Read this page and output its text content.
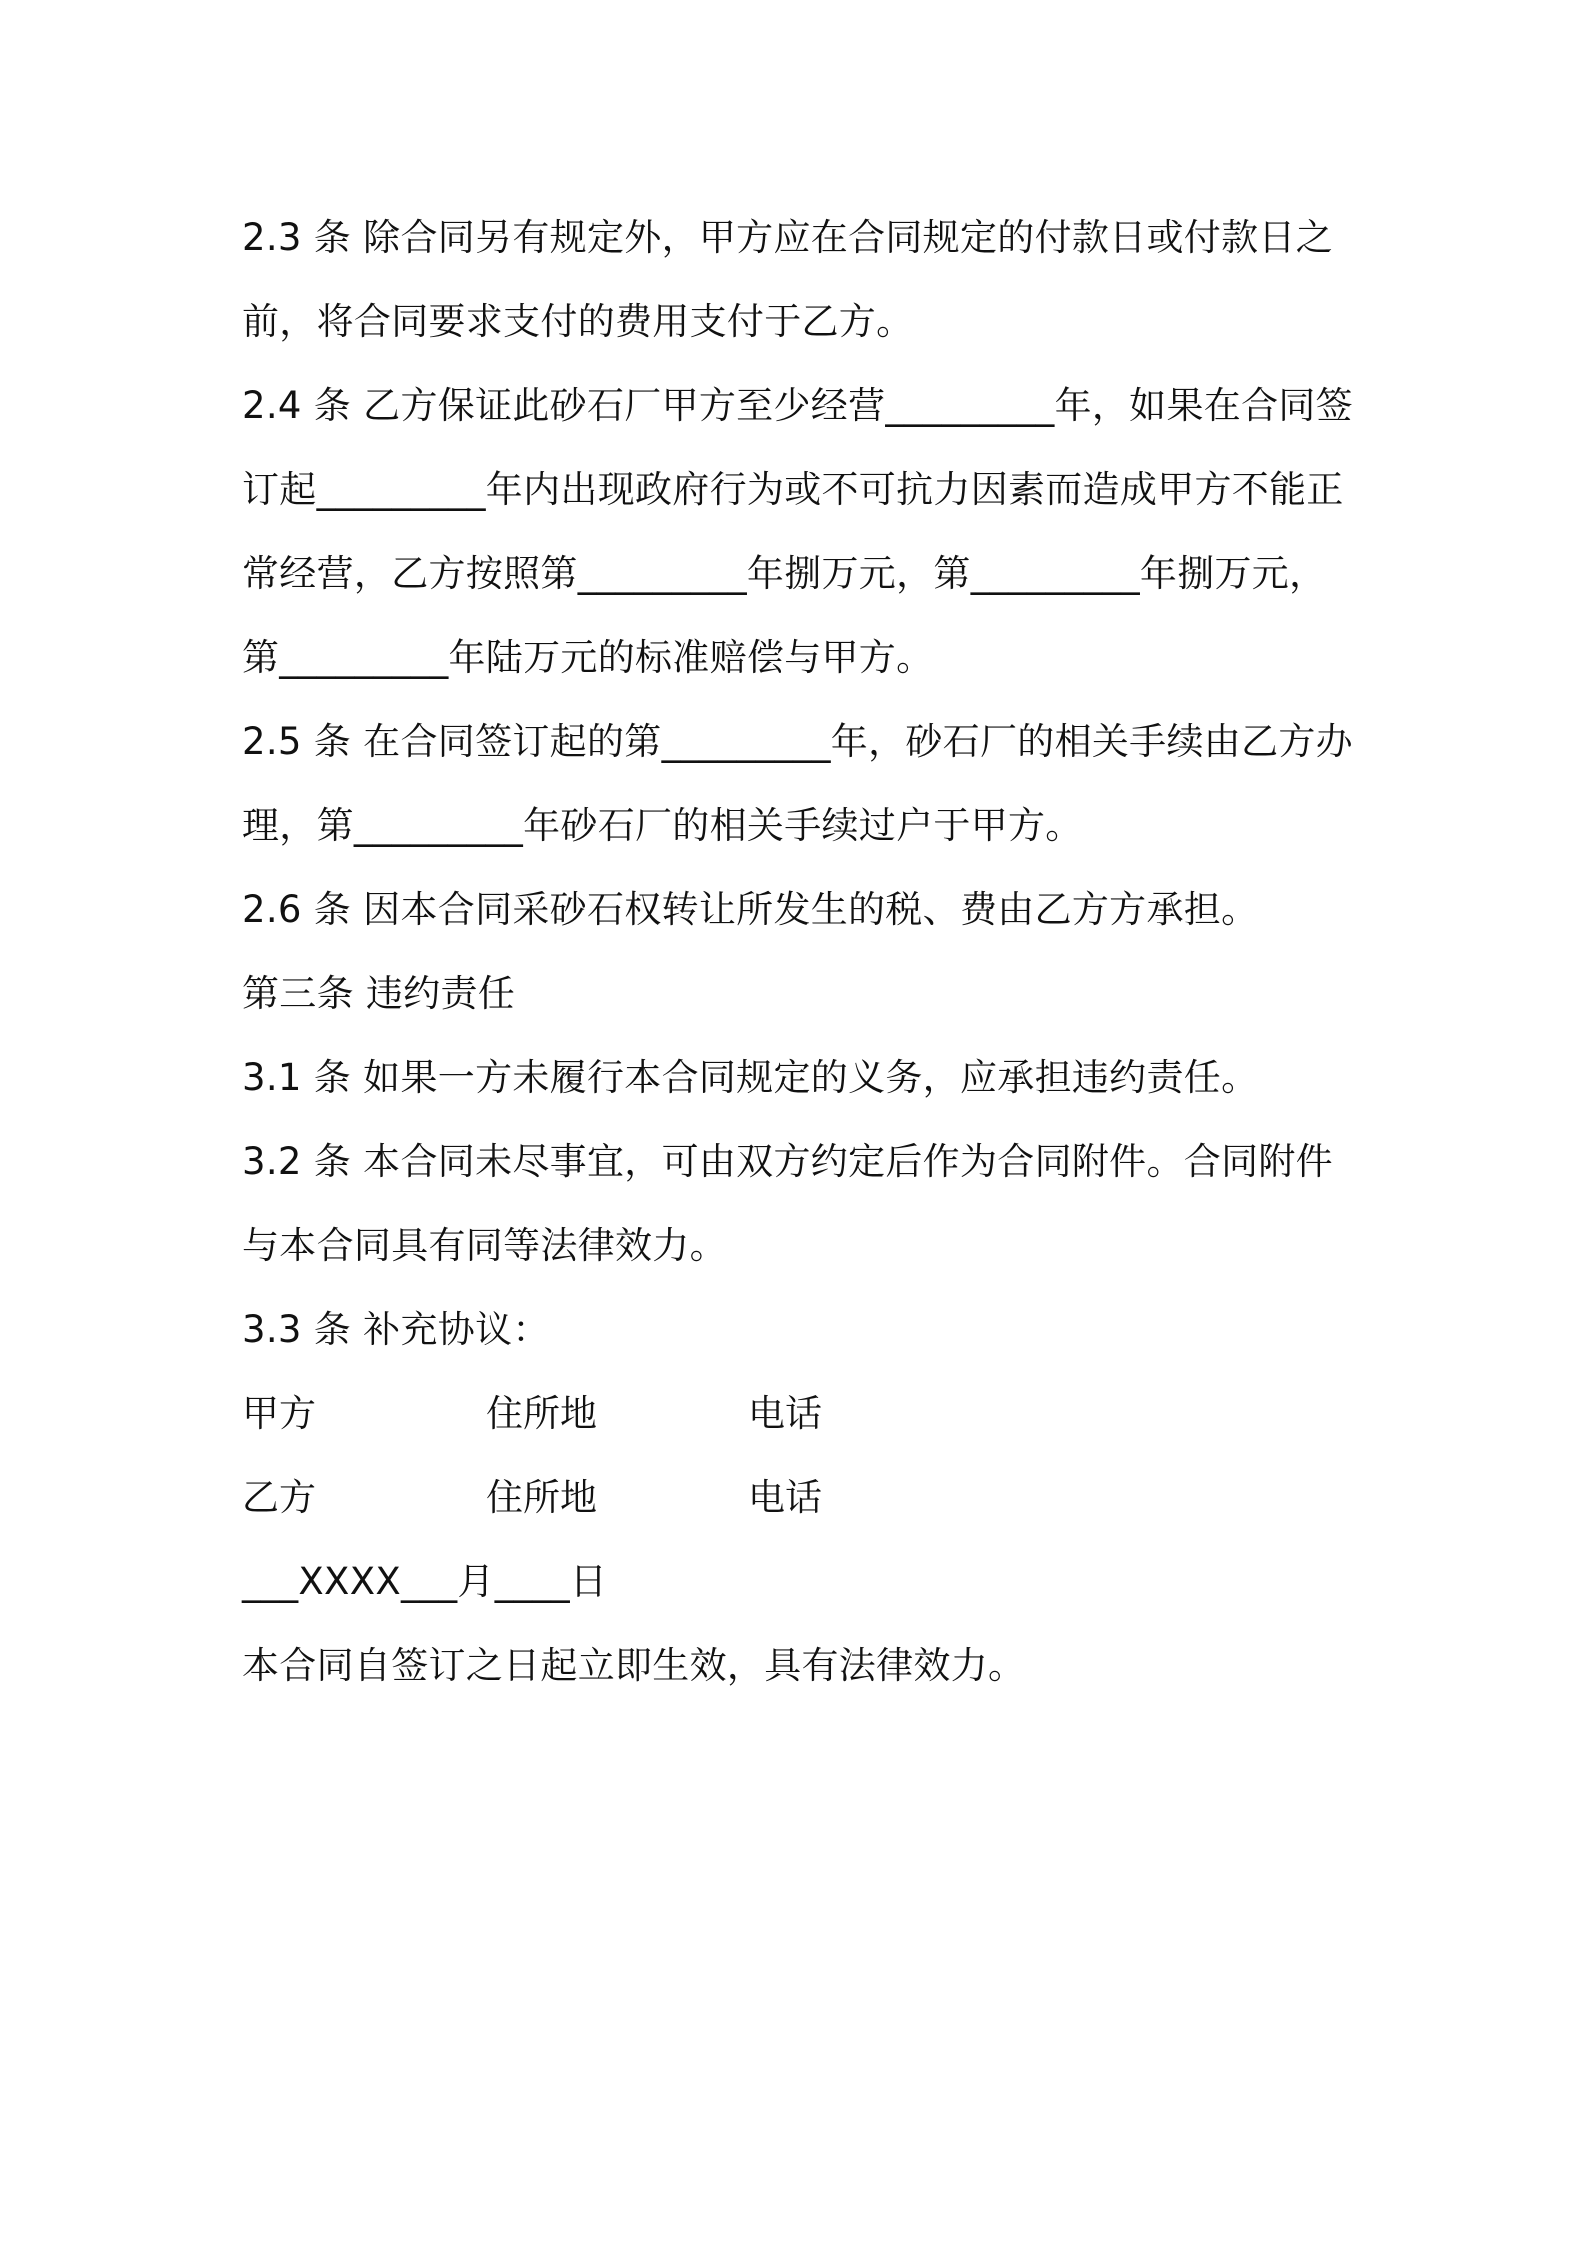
2.3 条 除合同另有规定外，甲方应在合同规定的付款日或付款日之
前，将合同要求支付的费用支付于乙方。
2.4 条 乙方保证此砂石厂甲方至少经营_________年，如果在合同签
订起_________年内出现政府行为或不可抗力因素而造成甲方不能正
常经营，乙方按照第_________年捌万元，第_________年捌万元，
第_________年陆万元的标准赔偿与甲方。
2.5 条 在合同签订起的第_________年，砂石厂的相关手续由乙方办
理，第_________年砂石厂的相关手续过户于甲方。
2.6 条 因本合同采砂石权转让所发生的税、费由乙方方承担。
第三条 违约责任
3.1 条 如果一方未履行本合同规定的义务，应承担违约责任。
3.2 条 本合同未尽事宜，可由双方约定后作为合同附件。合同附件
与本合同具有同等法律效力。
3.3 条 补充协议：
甲方	住所地	电话
乙方	住所地	电话
___XXXX___月____日
本合同自签订之日起立即生效，具有法律效力。
